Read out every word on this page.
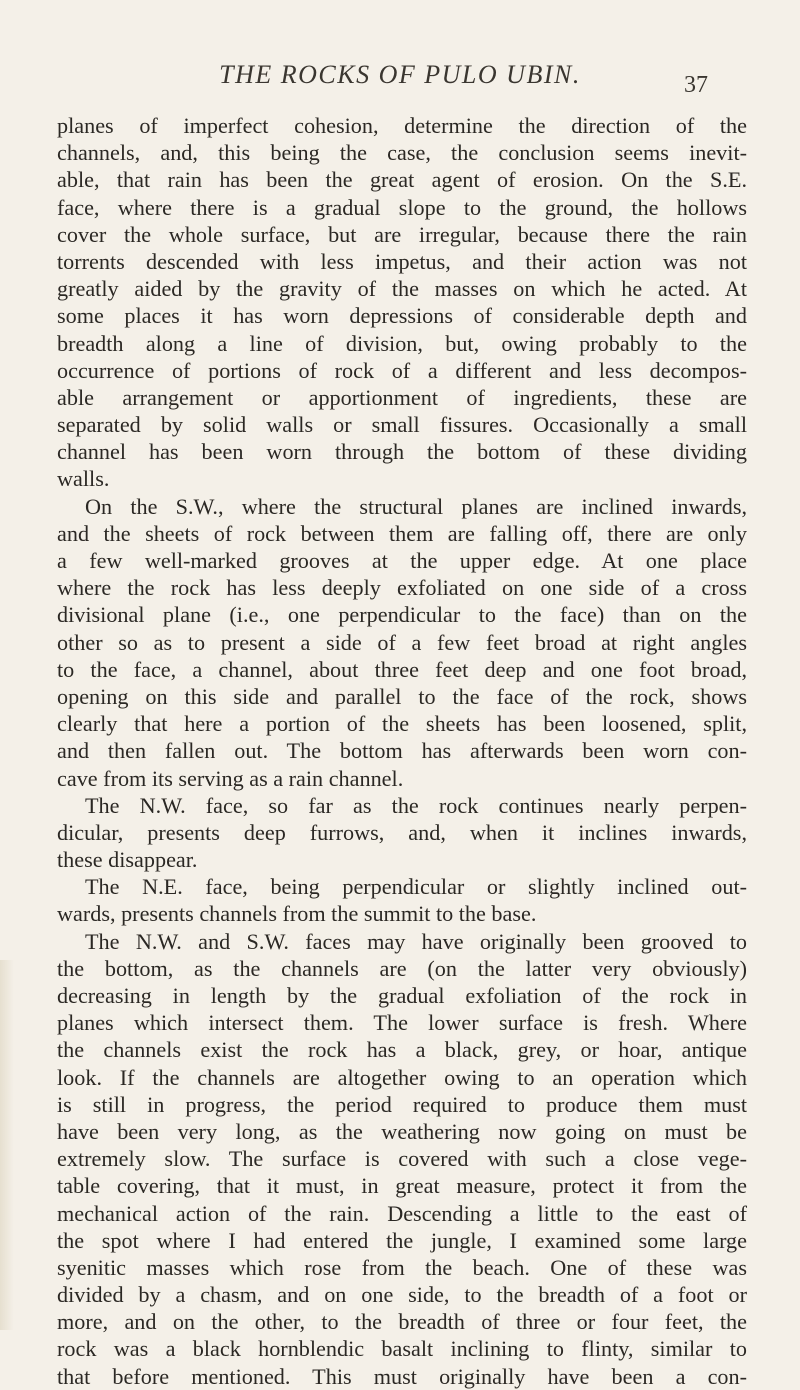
THE ROCKS OF PULO UBIN.	37
planes of imperfect cohesion, determine the direction of the
channels, and, this being the case, the conclusion seems inevit-
able, that rain has been the great agent of erosion. On the S.E.
face, where there is a gradual slope to the ground, the hollows
cover the whole surface, but are irregular, because there the rain
torrents descended with less impetus, and their action was not
greatly aided by the gravity of the masses on which he acted. At
some places it has worn depressions of considerable depth and
breadth along a line of division, but, owing probably to the
occurrence of portions of rock of a different and less decompos-
able arrangement or apportionment of ingredients, these are
separated by solid walls or small fissures. Occasionally a small
channel has been worn through the bottom of these dividing
walls.
On the S.W., where the structural planes are inclined inwards,
and the sheets of rock between them are falling off, there are only
a few well-marked grooves at the upper edge. At one place
where the rock has less deeply exfoliated on one side of a cross
divisional plane (i.e., one perpendicular to the face) than on the
other so as to present a side of a few feet broad at right angles
to the face, a channel, about three feet deep and one foot broad,
opening on this side and parallel to the face of the rock, shows
clearly that here a portion of the sheets has been loosened, split,
and then fallen out. The bottom has afterwards been worn con-
cave from its serving as a rain channel.
The N.W. face, so far as the rock continues nearly perpen-
dicular, presents deep furrows, and, when it inclines inwards,
these disappear.
The N.E. face, being perpendicular or slightly inclined out-
wards, presents channels from the summit to the base.
The N.W. and S.W. faces may have originally been grooved to
the bottom, as the channels are (on the latter very obviously)
decreasing in length by the gradual exfoliation of the rock in
planes which intersect them. The lower surface is fresh. Where
the channels exist the rock has a black, grey, or hoar, antique
look. If the channels are altogether owing to an operation which
is still in progress, the period required to produce them must
have been very long, as the weathering now going on must be
extremely slow. The surface is covered with such a close vege-
table covering, that it must, in great measure, protect it from the
mechanical action of the rain. Descending a little to the east of
the spot where I had entered the jungle, I examined some large
syenitic masses which rose from the beach. One of these was
divided by a chasm, and on one side, to the breadth of a foot or
more, and on the other, to the breadth of three or four feet, the
rock was a black hornblendic basalt inclining to flinty, similar to
that before mentioned. This must originally have been a con-
